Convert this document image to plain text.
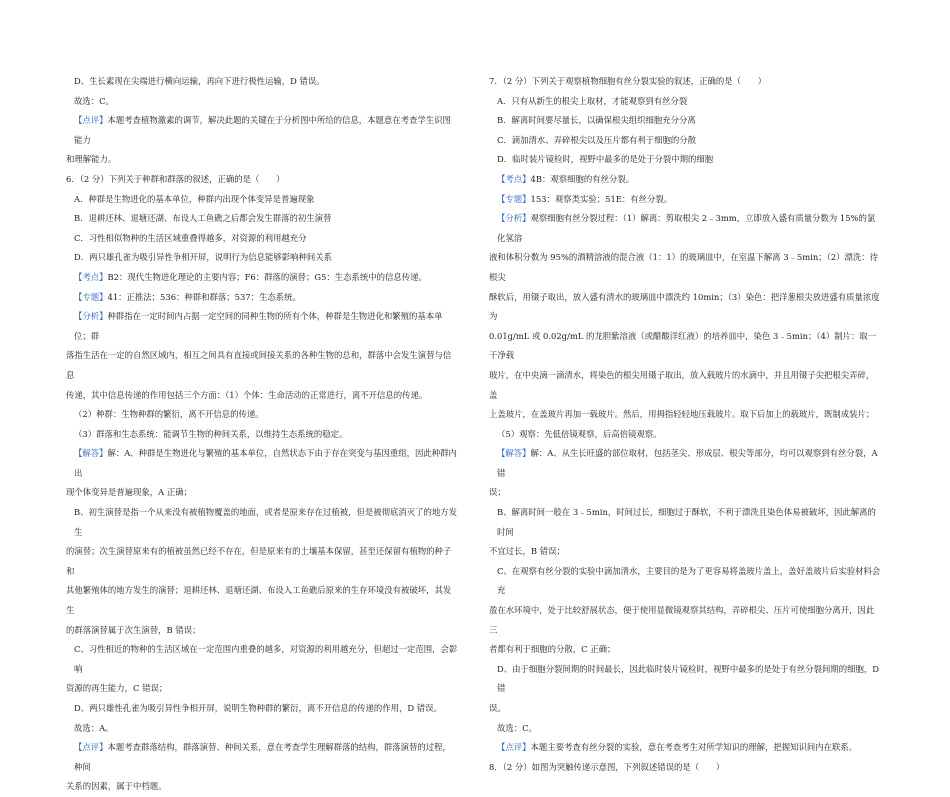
D、生长素现在尖端进行横向运输，再向下进行极性运输，D 错误。

故选：C。

【点评】本题考查植物激素的调节，解决此题的关键在于分析图中所给的信息，本题意在考查学生识图能力

和理解能力。

6．（2 分）下列关于种群和群落的叙述，正确的是（　　）

A．种群是生物进化的基本单位，种群内出现个体变异是普遍现象

B．退耕还林、退塘还湖、布设人工鱼礁之后都会发生群落的初生演替

C．习性相似物种的生活区域重叠得越多，对资源的利用越充分

D．两只雄孔雀为吸引异性争相开屏，说明行为信息能够影响种间关系

【考点】B2：现代生物进化理论的主要内容；F6：群落的演替；G5：生态系统中的信息传递。

【专题】41：正推法；536：种群和群落；537：生态系统。

【分析】种群指在一定时间内占据一定空间的同种生物的所有个体，种群是生物进化和繁殖的基本单位；群

落指生活在一定的自然区域内，相互之间具有直接或间接关系的各种生物的总和，群落中会发生演替与信息

传递，其中信息传递的作用包括三个方面：（1）个体：生命活动的正常进行，离不开信息的传递。

（2）种群：生物种群的繁衍，离不开信息的传递。

（3）群落和生态系统：能调节生物的种间关系，以维持生态系统的稳定。

【解答】解：A、种群是生物进化与繁殖的基本单位，自然状态下由于存在突变与基因重组，因此种群内出

现个体变异是普遍现象，A 正确；

B、初生演替是指一个从来没有被植物覆盖的地面，或者是原来存在过植被，但是被彻底消灭了的地方发生

的演替；次生演替原来有的植被虽然已经不存在，但是原来有的土壤基本保留，甚至还保留有植物的种子和

其他繁殖体的地方发生的演替；退耕还林、退塘还湖、布设人工鱼礁后原来的生存环境没有被破坏，其发生

的群落演替属于次生演替，B 错误；

C、习性相近的物种的生活区域在一定范围内重叠的越多，对资源的利用越充分，但超过一定范围，会影响

资源的再生能力，C 错误；

D、两只雄性孔雀为吸引异性争相开屏，说明生物种群的繁衍，离不开信息的传递的作用，D 错误。

故选：A。

【点评】本题考查群落结构，群落演替、种间关系，意在考查学生理解群落的结构，群落演替的过程，种间

关系的因素，属于中档题。

7．（2 分）下列关于观察植物细胞有丝分裂实验的叙述，正确的是（　　）

A．只有从新生的根尖上取材，才能观察到有丝分裂

B．解离时间要尽量长，以确保根尖组织细胞充分分离

C．滴加清水、弄碎根尖以及压片都有利于细胞的分散

D．临时装片镜检时，视野中最多的是处于分裂中期的细胞

【考点】4B：观察细胞的有丝分裂。

【专题】153：观察类实验；51E：有丝分裂。

【分析】观察细胞有丝分裂过程：（1）解离：剪取根尖 2﹣3mm，立即放入盛有质量分数为 15%的氯化氢溶

液和体积分数为 95%的酒精溶液的混合液（1：1）的玻璃皿中，在室温下解离 3﹣5min；（2）漂洗：待根尖

酥软后，用镊子取出，放入盛有清水的玻璃皿中漂洗约 10min；（3）染色：把洋葱根尖放进盛有质量浓度为

0.01g/mL 或 0.02g/mL 的龙胆紫溶液（或醋酸洋红液）的培养皿中，染色 3﹣5min；（4）制片：取一干净载

玻片，在中央滴一滴清水，将染色的根尖用镊子取出，放入载玻片的水滴中，并且用镊子尖把根尖弄碎，盖

上盖玻片，在盖玻片再加一载玻片。然后，用拇指轻轻地压载玻片。取下后加上的载玻片，既制成装片；

（5）观察：先低倍镜观察，后高倍镜观察。

【解答】解：A、从生长旺盛的部位取材，包括茎尖、形成层、根尖等部分，均可以观察到有丝分裂，A 错

误；

B、解离时间一般在 3﹣5min，时间过长，细胞过于酥软，不利于漂洗且染色体易被破坏，因此解离的时间

不宜过长，B 错误；

C、在观察有丝分裂的实验中滴加清水，主要目的是为了更容易将盖玻片盖上，盖好盖玻片后实验材料会充

盈在水环境中，处于比较舒展状态，便于使用显微镜观察其结构，弄碎根尖、压片可使细胞分离开，因此三

者都有利于细胞的分散，C 正确；

D、由于细胞分裂间期的时间最长，因此临时装片镜检时，视野中最多的是处于有丝分裂间期的细胞，D 错

误。

故选：C。

【点评】本题主要考查有丝分裂的实验，意在考查考生对所学知识的理解，把握知识间内在联系。

8．（2 分）如图为突触传递示意图，下列叙述错误的是（　　）
